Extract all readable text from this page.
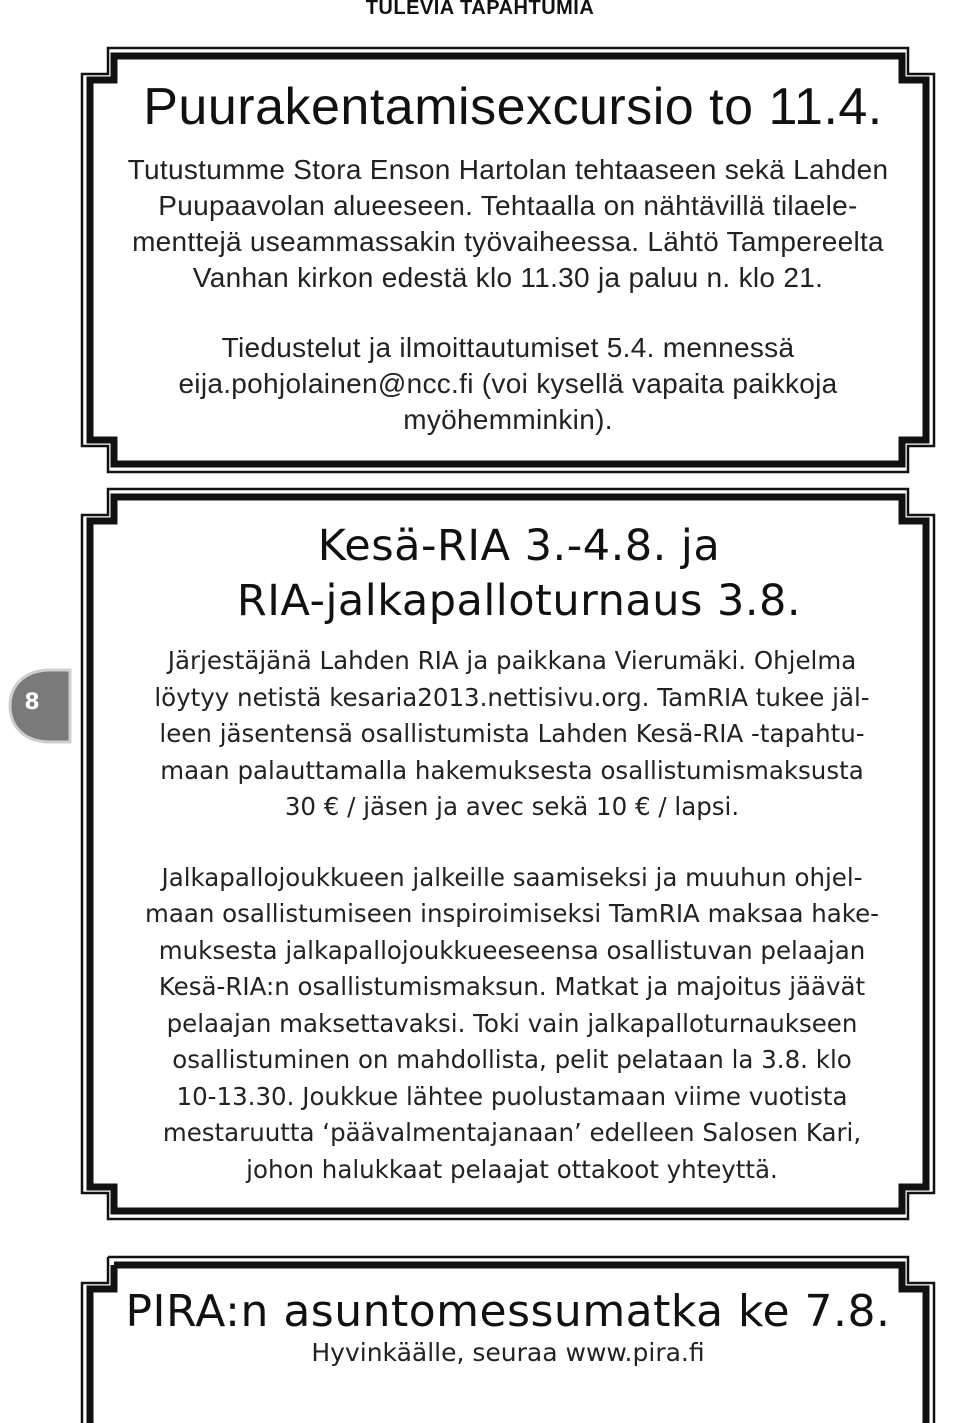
TULEVIA TAPAHTUMIA
Puurakentamisexcursio to 11.4.
Tutustumme Stora Enson Hartolan tehtaaseen sekä Lahden
Puupaavolan alueeseen. Tehtaalla on nähtävillä tilaele-
menttejä useammassakin työvaiheessa. Lähtö Tampereelta
Vanhan kirkon edestä klo 11.30 ja paluu n. klo 21.
Tiedustelut ja ilmoittautumiset 5.4. mennessä
eija.pohjolainen@ncc.fi (voi kysellä vapaita paikkoja
myöhemminkin).
Kesä-RIA 3.-4.8. ja
RIA-jalkapalloturnaus 3.8.
Järjestäjänä Lahden RIA ja paikkana Vierumäki. Ohjelma
löytyy netistä kesaria2013.nettisivu.org. TamRIA tukee jäl-
leen jäsentensä osallistumista Lahden Kesä-RIA -tapahtu-
maan palauttamalla hakemuksesta osallistumismaksusta
30 € / jäsen ja avec sekä 10 € / lapsi.
Jalkapallojoukkueen jalkeille saamiseksi ja muuhun ohjel-
maan osallistumiseen inspiroimiseksi TamRIA maksaa hake-
muksesta jalkapallojoukkueeseensa osallistuvan pelaajan
Kesä-RIA:n osallistumismaksun. Matkat ja majoitus jäävät
pelaajan maksettavaksi. Toki vain jalkapalloturnaukseen
osallistuminen on mahdollista, pelit pelataan la 3.8. klo
10-13.30. Joukkue lähtee puolustamaan viime vuotista
mestaruutta ‘päävalmentajanaan’ edelleen Salosen Kari,
johon halukkaat pelaajat ottakoot yhteyttä.
PIRA:n asuntomessumatka ke 7.8.
Hyvinkäälle, seuraa www.pira.fi
8
